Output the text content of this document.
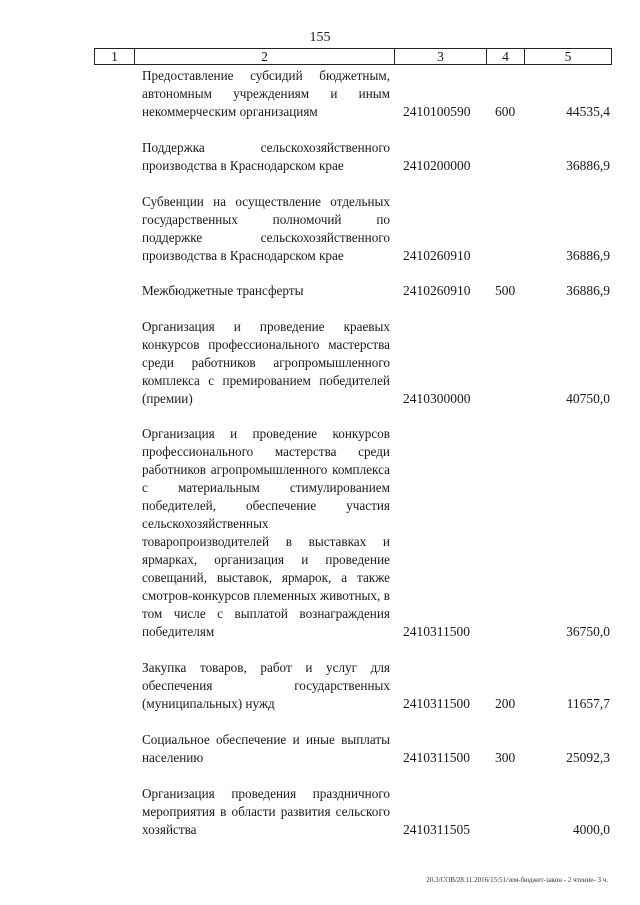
155
1	2	3	4	5
Предоставление субсидий бюджетным, автономным учреждениям и иным некоммерческим организациям	2410100590 600	44535,4
Поддержка сельскохозяйственного производства в Краснодарском крае	2410200000	36886,9
Субвенции на осуществление отдельных государственных полномочий по поддержке сельскохозяйственного производства в Краснодарском крае	2410260910	36886,9
Межбюджетные трансферты	2410260910 500	36886,9
Организация и проведение краевых конкурсов профессионального мастерства среди работников агропромышленного комплекса с премированием победителей (премии)	2410300000	40750,0
Организация и проведение конкурсов профессионального мастерства среди работников агропромышленного комплекса с материальным стимулированием победителей, обеспечение участия сельскохозяйственных товаропроизводителей в выставках и ярмарках, организация и проведение совещаний, выставок, ярмарок, а также смотров-конкурсов племенных животных, в том числе с выплатой вознаграждения победителям	2410311500	36750,0
Закупка товаров, работ и услуг для обеспечения государственных (муниципальных) нужд	2410311500 200	11657,7
Социальное обеспечение и иные выплаты населению	2410311500 300	25092,3
Организация проведения праздничного мероприятия в области развития сельского хозяйства	2410311505	4000,0
20.3/СОВ/28.11.2016/15:51/зем-бюджет-закон - 2 чтение- 3 ч.
